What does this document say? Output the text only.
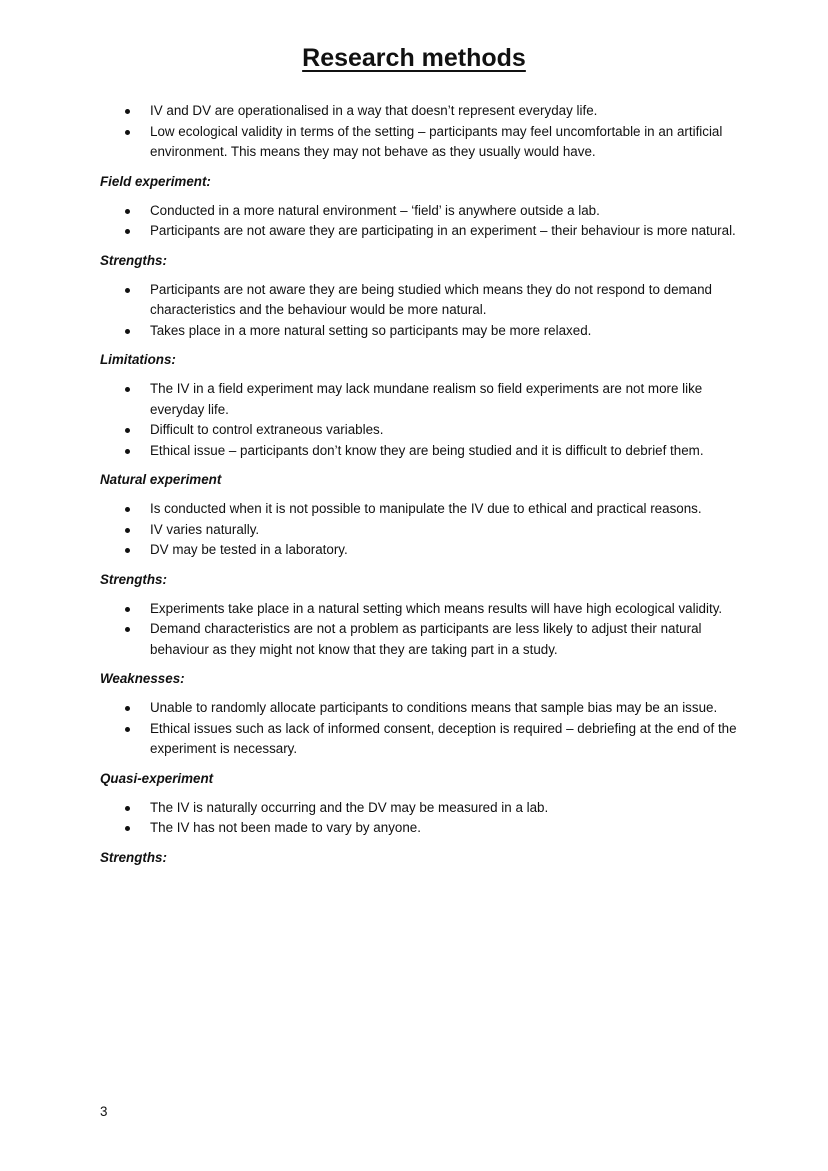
Research methods
IV and DV are operationalised in a way that doesn’t represent everyday life.
Low ecological validity in terms of the setting – participants may feel uncomfortable in an artificial environment. This means they may not behave as they usually would have.
Field experiment:
Conducted in a more natural environment – ‘field’ is anywhere outside a lab.
Participants are not aware they are participating in an experiment – their behaviour is more natural.
Strengths:
Participants are not aware they are being studied which means they do not respond to demand characteristics and the behaviour would be more natural.
Takes place in a more natural setting so participants may be more relaxed.
Limitations:
The IV in a field experiment may lack mundane realism so field experiments are not more like everyday life.
Difficult to control extraneous variables.
Ethical issue – participants don’t know they are being studied and it is difficult to debrief them.
Natural experiment
Is conducted when it is not possible to manipulate the IV due to ethical and practical reasons.
IV varies naturally.
DV may be tested in a laboratory.
Strengths:
Experiments take place in a natural setting which means results will have high ecological validity.
Demand characteristics are not a problem as participants are less likely to adjust their natural behaviour as they might not know that they are taking part in a study.
Weaknesses:
Unable to randomly allocate participants to conditions means that sample bias may be an issue.
Ethical issues such as lack of informed consent, deception is required – debriefing at the end of the experiment is necessary.
Quasi-experiment
The IV is naturally occurring and the DV may be measured in a lab.
The IV has not been made to vary by anyone.
Strengths:
3
